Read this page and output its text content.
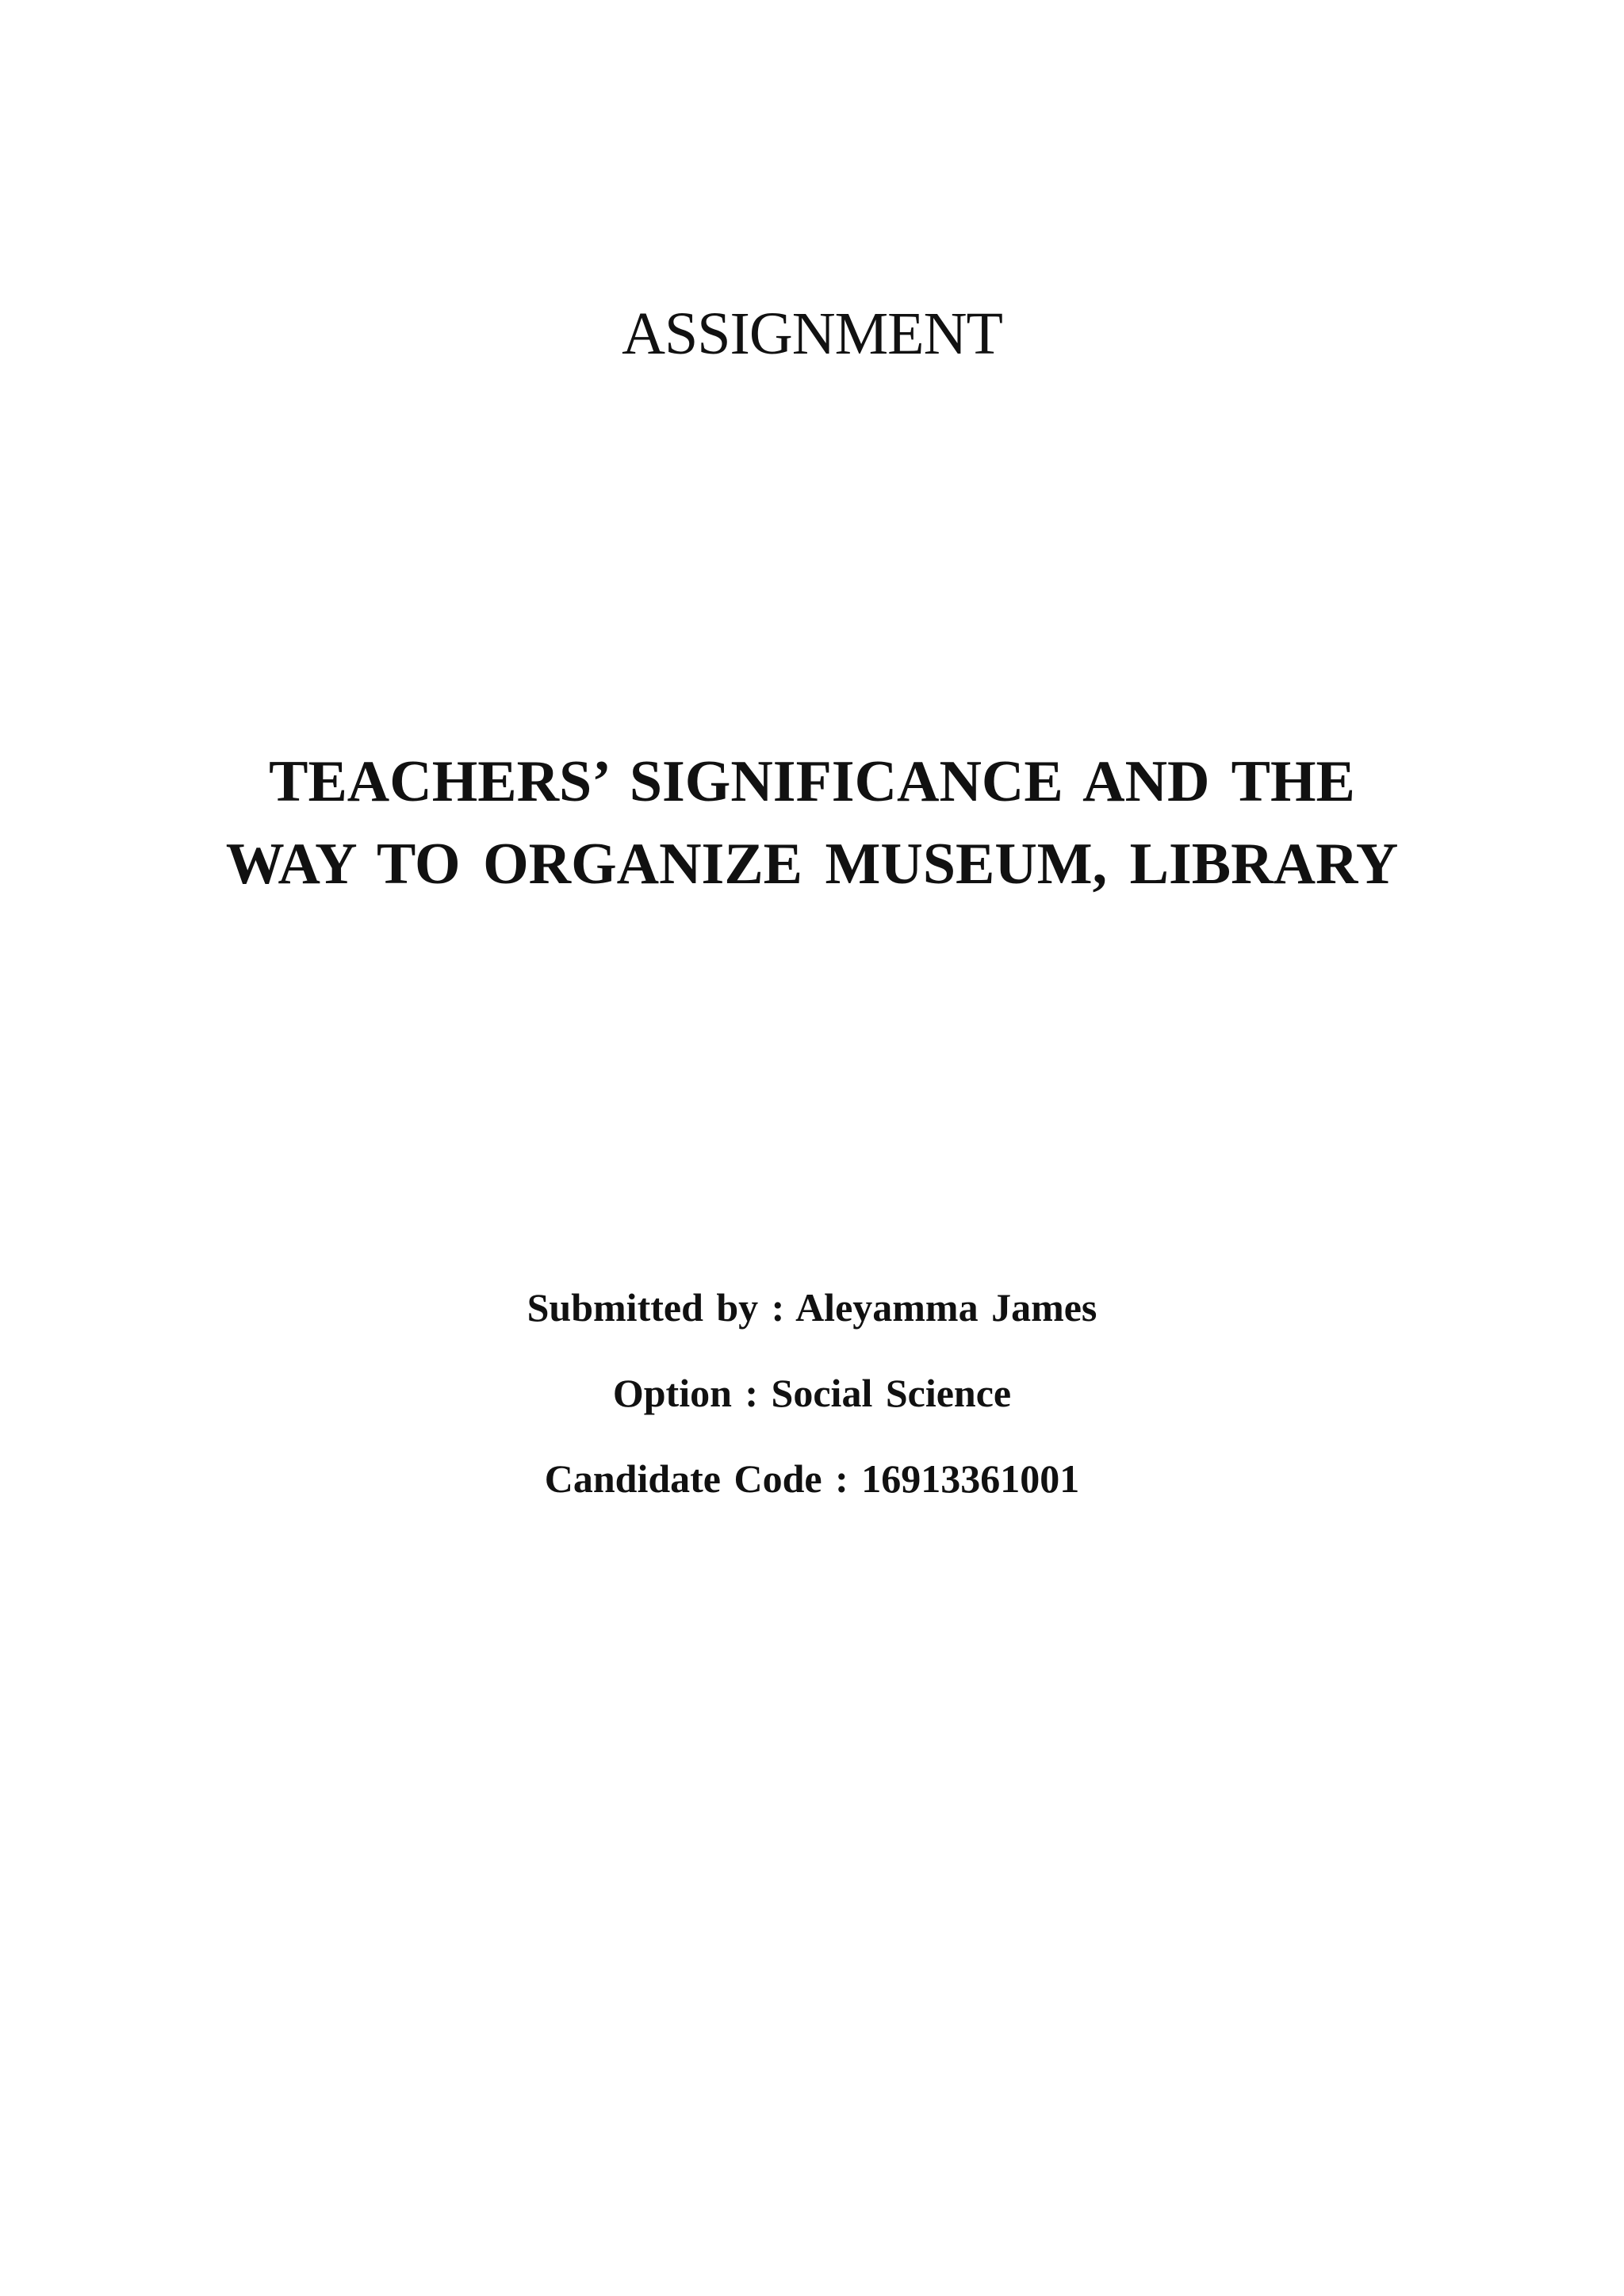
ASSIGNMENT
TEACHERS’ SIGNIFICANCE AND THE
WAY TO ORGANIZE MUSEUM, LIBRARY

Submitted by : Aleyamma James

Option : Social Science

Candidate Code : 16913361001
